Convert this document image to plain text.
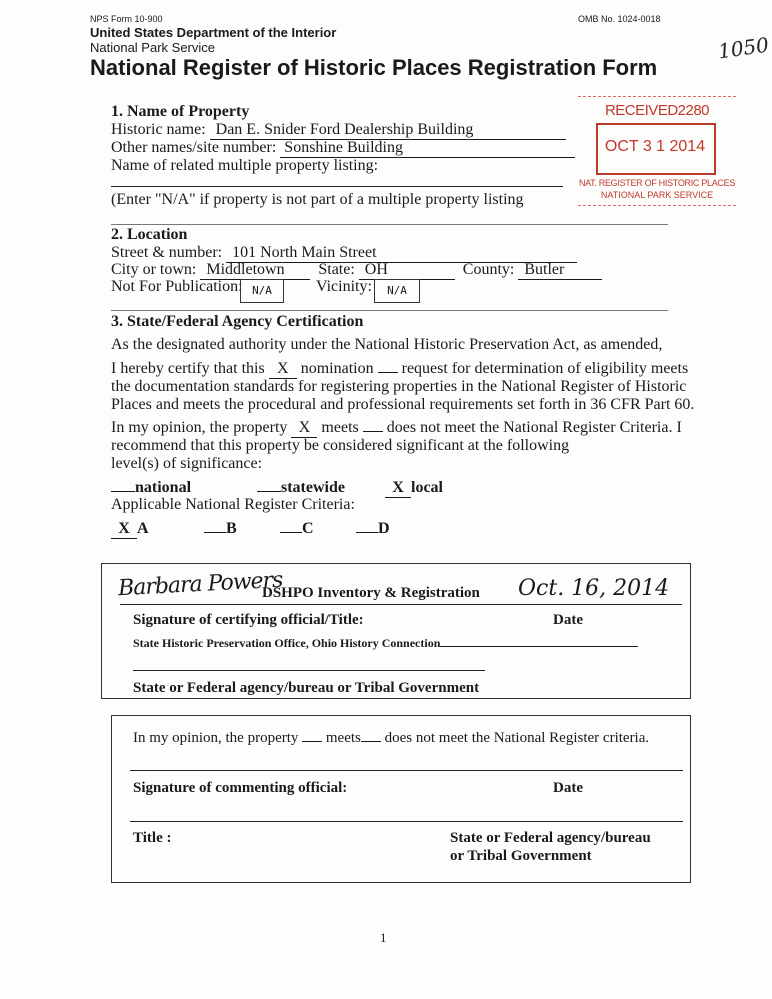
NPS Form 10-900	OMB No. 1024-0018
United States Department of the Interior
National Park Service
National Register of Historic Places Registration Form
1050
RECEIVED2280
OCT 3 1 2014
NAT. REGISTER OF HISTORIC PLACES
NATIONAL PARK SERVICE
1. Name of Property
Historic name: Dan E. Snider Ford Dealership Building
Other names/site number: Sonshine Building
Name of related multiple property listing:
(Enter "N/A" if property is not part of a multiple property listing
2. Location
Street & number: 101 North Main Street
City or town: Middletown State: OH	County: Butler
Not For Publication: N/A	Vicinity:	N/A
3. State/Federal Agency Certification
As the designated authority under the National Historic Preservation Act, as amended,
I hereby certify that this X nomination request for determination of eligibility meets
the documentation standards for registering properties in the National Register of Historic
Places and meets the procedural and professional requirements set forth in 36 CFR Part 60.
In my opinion, the property X meets does not meet the National Register Criteria. I
recommend that this property be considered significant at the following
level(s) of significance:
national	statewide	X local
Applicable National Register Criteria:
X A	B	C	D
Barbara Powers
DSHPO Inventory & Registration Oct. 16, 2014
Signature of certifying official/Title:	Date
State Historic Preservation Office, Ohio History Connection
State or Federal agency/bureau or Tribal Government
In my opinion, the property meets does not meet the National Register criteria.
Signature of commenting official:	Date
Title :	State or Federal agency/bureau
or Tribal Government
1
